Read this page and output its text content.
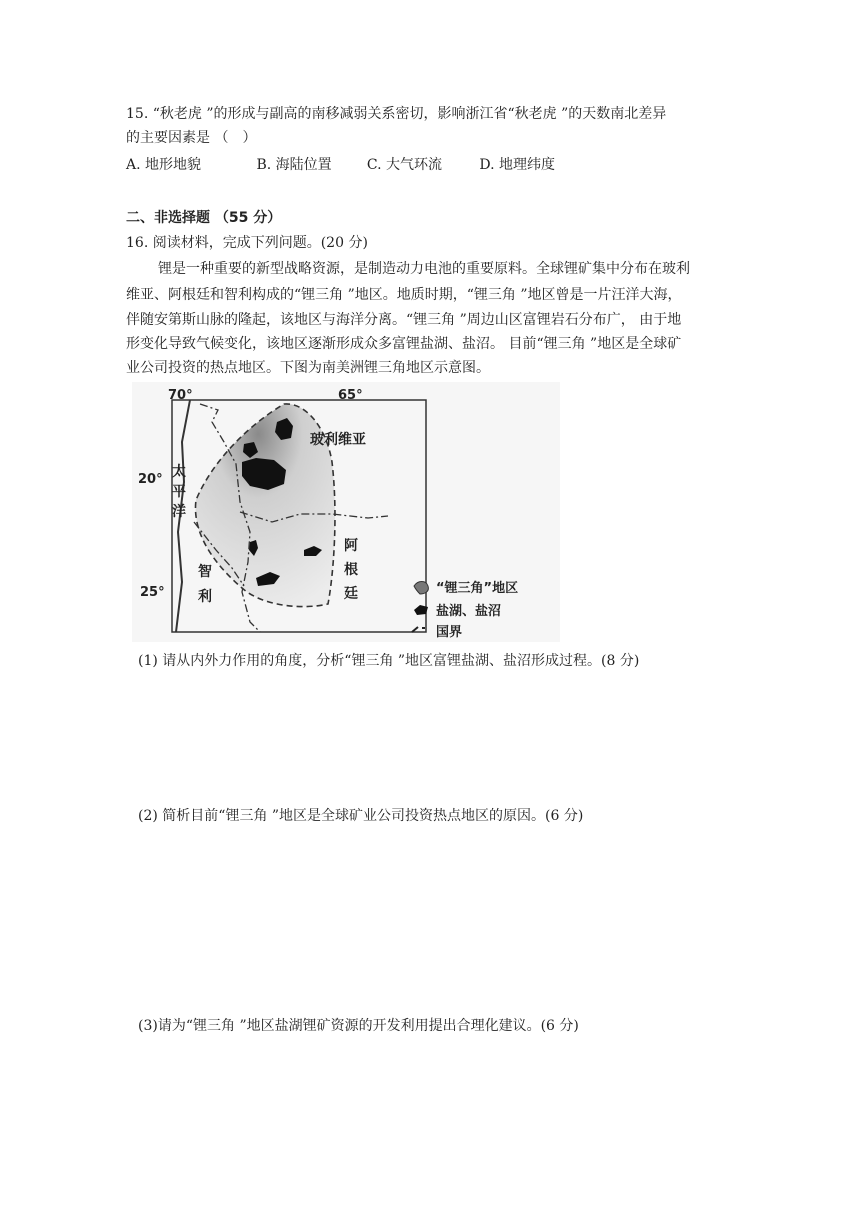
15. “秋老虎 ”的形成与副高的南移减弱关系密切，影响浙江省“秋老虎 ”的天数南北差异
的主要因素是 （　）
A. 地形地貌	B. 海陆位置	C. 大气环流	D. 地理纬度
二、非选择题 （55 分）
16. 阅读材料，完成下列问题。(20 分)
锂是一种重要的新型战略资源，是制造动力电池的重要原料。全球锂矿集中分布在玻利
维亚、阿根廷和智利构成的“锂三角 ”地区。地质时期，“锂三角 ”地区曾是一片汪洋大海，
伴随安第斯山脉的隆起，该地区与海洋分离。“锂三角 ”周边山区富锂岩石分布广， 由于地
形变化导致气候变化，该地区逐渐形成众多富锂盐湖、盐沼。 目前“锂三角 ”地区是全球矿
业公司投资的热点地区。下图为南美洲锂三角地区示意图。
70°	65°
20°
25°
玻利维亚
太
平
洋
阿
根
廷
智
利
“锂三角”地区
盐湖、盐沼
国界
(1) 请从内外力作用的角度，分析“锂三角 ”地区富锂盐湖、盐沼形成过程。(8 分)
(2) 简析目前“锂三角 ”地区是全球矿业公司投资热点地区的原因。(6 分)
(3)请为“锂三角 ”地区盐湖锂矿资源的开发利用提出合理化建议。(6 分)
